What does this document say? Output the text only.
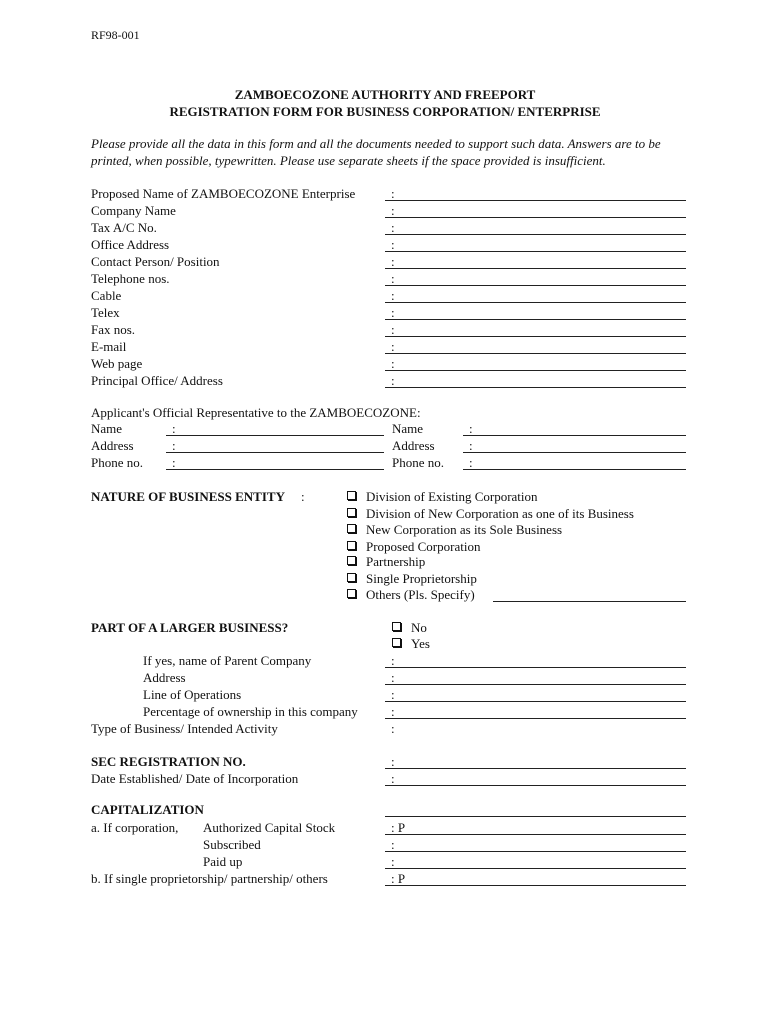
RF98-001
ZAMBOECOZONE AUTHORITY AND FREEPORT
REGISTRATION FORM FOR BUSINESS CORPORATION/ ENTERPRISE
Please provide all the data in this form and all the documents needed to support such data. Answers are to be printed, when possible, typewritten. Please use separate sheets if the space provided is insufficient.
Proposed Name of ZAMBOECOZONE Enterprise
Company Name
Tax A/C No.
Office Address
Contact Person/ Position
Telephone nos.
Cable
Telex
Fax nos.
E-mail
Web page
Principal Office/ Address
:
:
:
:
:
:
:
:
:
:
:
:
Applicant's Official Representative to the ZAMBOECOZONE:
Name
Address
Phone no.
:
:
:
Name
Address
Phone no.
:
:
:
NATURE OF BUSINESS ENTITY :	Division of Existing Corporation
Division of New Corporation as one of its Business
New Corporation as its Sole Business
Proposed Corporation
Partnership
Single Proprietorship
Others (Pls. Specify)
PART OF A LARGER BUSINESS?	No
Yes
If yes, name of Parent Company
Address
Line of Operations
Percentage of ownership in this company
Type of Business/ Intended Activity
:
:
:
:
:
SEC REGISTRATION NO.
Date Established/ Date of Incorporation
:
:
CAPITALIZATION
a. If corporation, Authorized Capital Stock
Subscribed
Paid up
b. If single proprietorship/ partnership/ others
: P
:
:
: P
